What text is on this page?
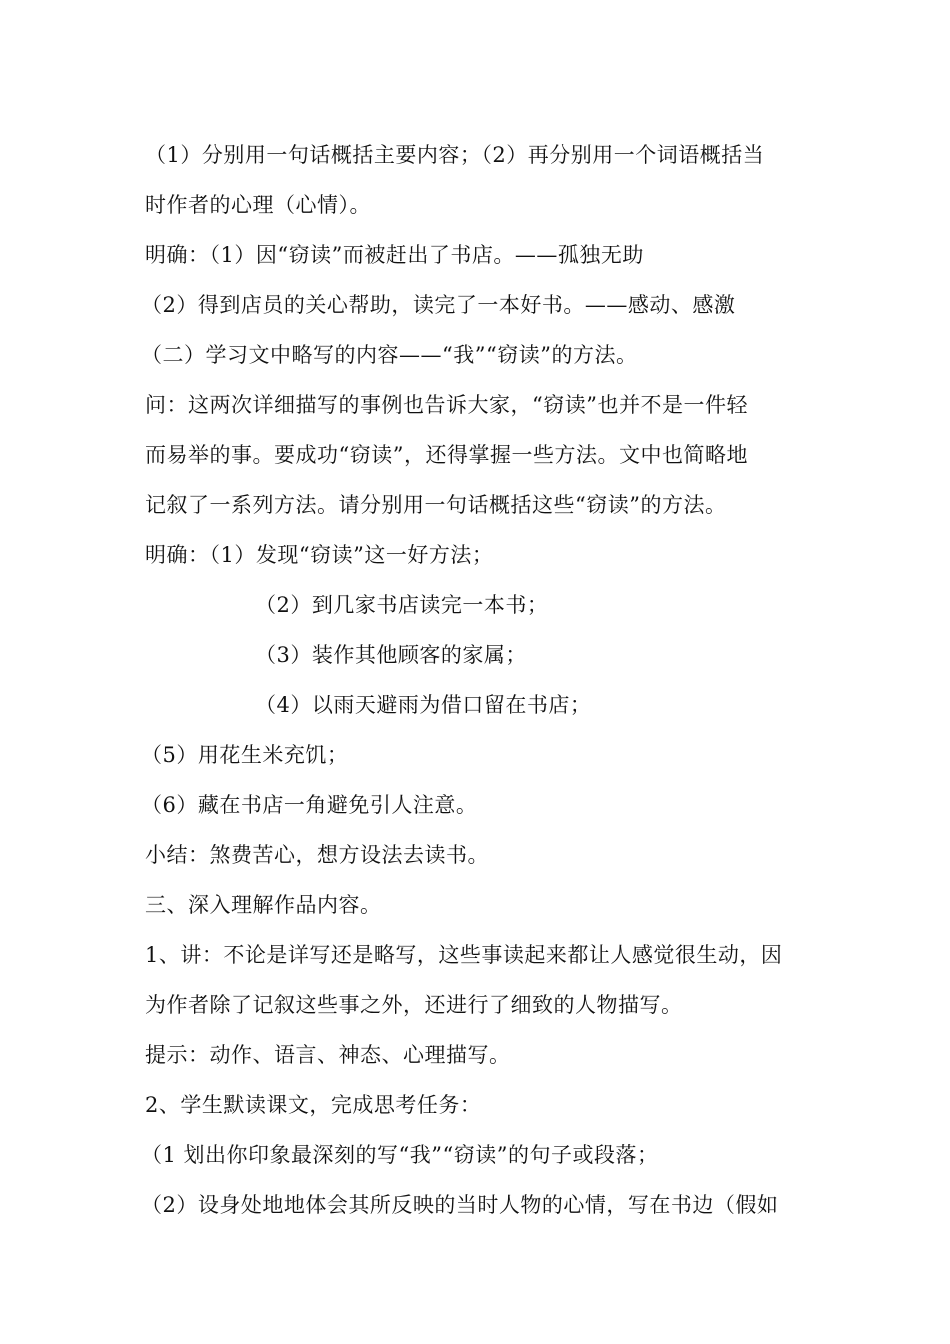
（1）分别用一句话概括主要内容；（2）再分别用一个词语概括当
时作者的心理（心情）。
明确：（1）因“窃读”而被赶出了书店。——孤独无助
（2）得到店员的关心帮助，读完了一本好书。——感动、感激
（二）学习文中略写的内容——“我”“窃读”的方法。
问：这两次详细描写的事例也告诉大家，“窃读”也并不是一件轻
而易举的事。要成功“窃读”，还得掌握一些方法。文中也简略地
记叙了一系列方法。请分别用一句话概括这些“窃读”的方法。
明确：（1）发现“窃读”这一好方法；
（2）到几家书店读完一本书；
（3）装作其他顾客的家属；
（4）以雨天避雨为借口留在书店；
（5）用花生米充饥；
（6）藏在书店一角避免引人注意。
小结：煞费苦心，想方设法去读书。
三、深入理解作品内容。
1、讲：不论是详写还是略写，这些事读起来都让人感觉很生动，因
为作者除了记叙这些事之外，还进行了细致的人物描写。
提示：动作、语言、神态、心理描写。
2、学生默读课文，完成思考任务：
（1 划出你印象最深刻的写“我”“窃读”的句子或段落；
（2）设身处地地体会其所反映的当时人物的心情，写在书边（假如
